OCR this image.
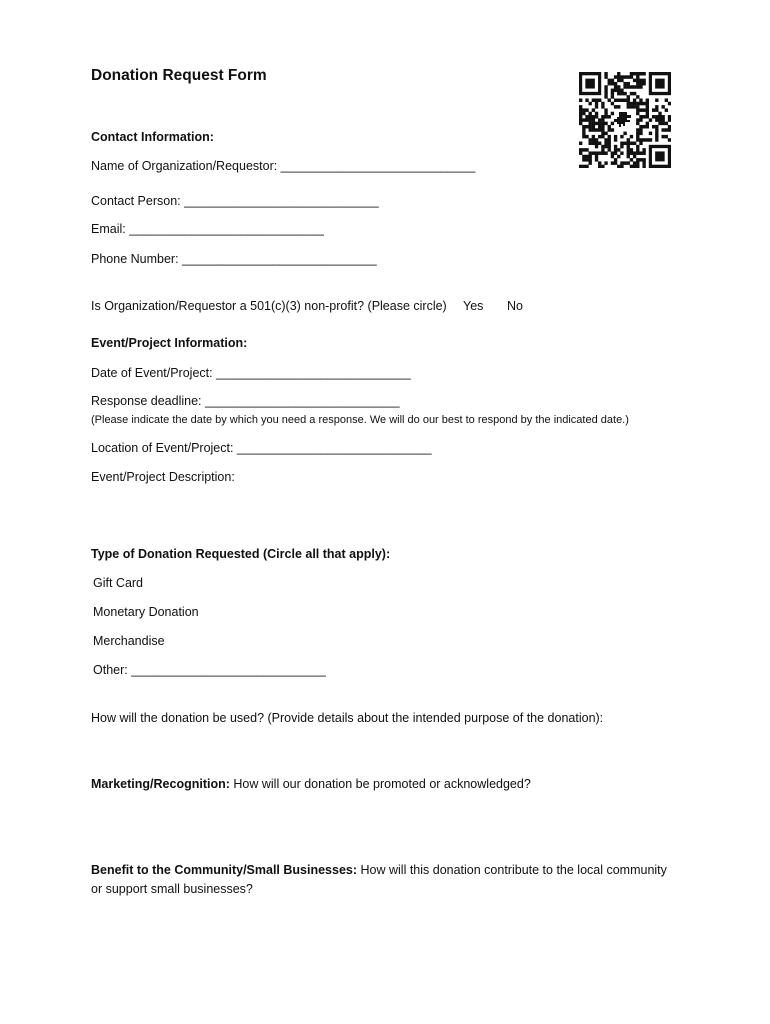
Donation Request Form

Contact Information:

Name of Organization/Requestor: ____________________________

Contact Person: ____________________________

Email: ____________________________

Phone Number: ____________________________

Is Organization/Requestor a 501(c)(3) non-profit? (Please circle) Yes No

Event/Project Information:

Date of Event/Project: ____________________________

Response deadline: ____________________________

(Please indicate the date by which you need a response. We will do our best to respond by the indicated date.)

Location of Event/Project: ____________________________

Event/Project Description:

Type of Donation Requested (Circle all that apply):

Gift Card

Monetary Donation

Merchandise

Other: ____________________________

How will the donation be used? (Provide details about the intended purpose of the donation):

Marketing/Recognition: How will our donation be promoted or acknowledged?

Benefit to the Community/Small Businesses: How will this donation contribute to the local community

or support small businesses?
